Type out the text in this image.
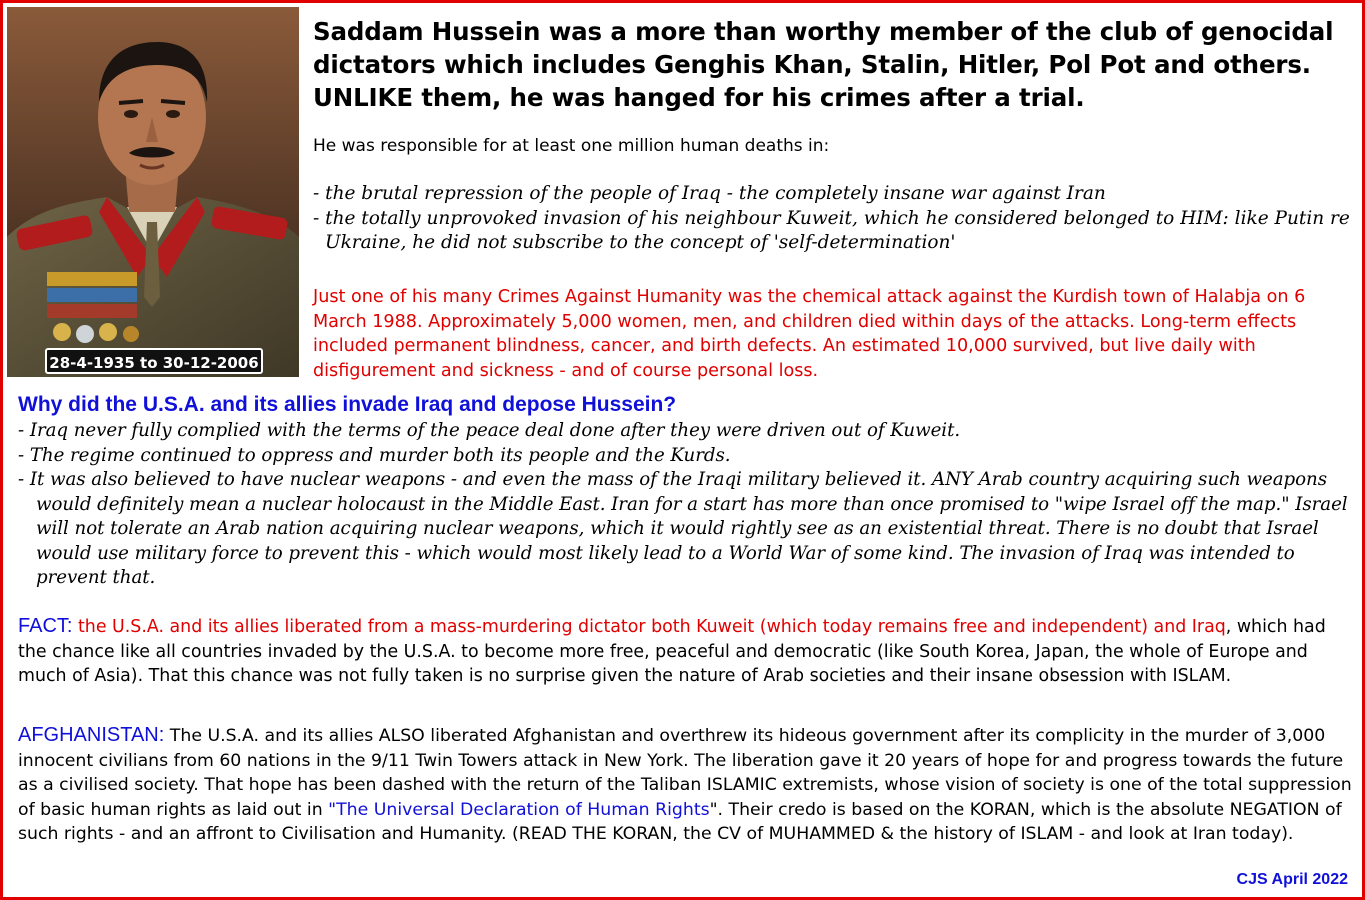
28-4-1935 to 30-12-2006
Saddam Hussein was a more than worthy member of the club of genocidal dictators which includes Genghis Khan, Stalin, Hitler, Pol Pot and others. UNLIKE them, he was hanged for his crimes after a trial.

He was responsible for at least one million human deaths in:

- the brutal repression of the people of Iraq - the completely insane war against Iran
- the totally unprovoked invasion of his neighbour Kuweit, which he considered belonged to HIM: like Putin re Ukraine, he did not subscribe to the concept of 'self-determination'

Just one of his many Crimes Against Humanity was the chemical attack against the Kurdish town of Halabja on 6 March 1988. Approximately 5,000 women, men, and children died within days of the attacks. Long-term effects included permanent blindness, cancer, and birth defects. An estimated 10,000 survived, but live daily with disfigurement and sickness - and of course personal loss.

Why did the U.S.A. and its allies invade Iraq and depose Hussein?
- Iraq never fully complied with the terms of the peace deal done after they were driven out of Kuweit.
- The regime continued to oppress and murder both its people and the Kurds.
- It was also believed to have nuclear weapons - and even the mass of the Iraqi military believed it. ANY Arab country acquiring such weapons would definitely mean a nuclear holocaust in the Middle East. Iran for a start has more than once promised to "wipe Israel off the map." Israel will not tolerate an Arab nation acquiring nuclear weapons, which it would rightly see as an existential threat. There is no doubt that Israel would use military force to prevent this - which would most likely lead to a World War of some kind. The invasion of Iraq was intended to prevent that.

FACT: the U.S.A. and its allies liberated from a mass-murdering dictator both Kuweit (which today remains free and independent) and Iraq, which had the chance like all countries invaded by the U.S.A. to become more free, peaceful and democratic (like South Korea, Japan, the whole of Europe and much of Asia). That this chance was not fully taken is no surprise given the nature of Arab societies and their insane obsession with ISLAM.

AFGHANISTAN: The U.S.A. and its allies ALSO liberated Afghanistan and overthrew its hideous government after its complicity in the murder of 3,000 innocent civilians from 60 nations in the 9/11 Twin Towers attack in New York. The liberation gave it 20 years of hope for and progress towards the future as a civilised society. That hope has been dashed with the return of the Taliban ISLAMIC extremists, whose vision of society is one of the total suppression of basic human rights as laid out in "The Universal Declaration of Human Rights". Their credo is based on the KORAN, which is the absolute NEGATION of such rights - and an affront to Civilisation and Humanity. (READ THE KORAN, the CV of MUHAMMED & the history of ISLAM - and look at Iran today).

CJS April 2022
